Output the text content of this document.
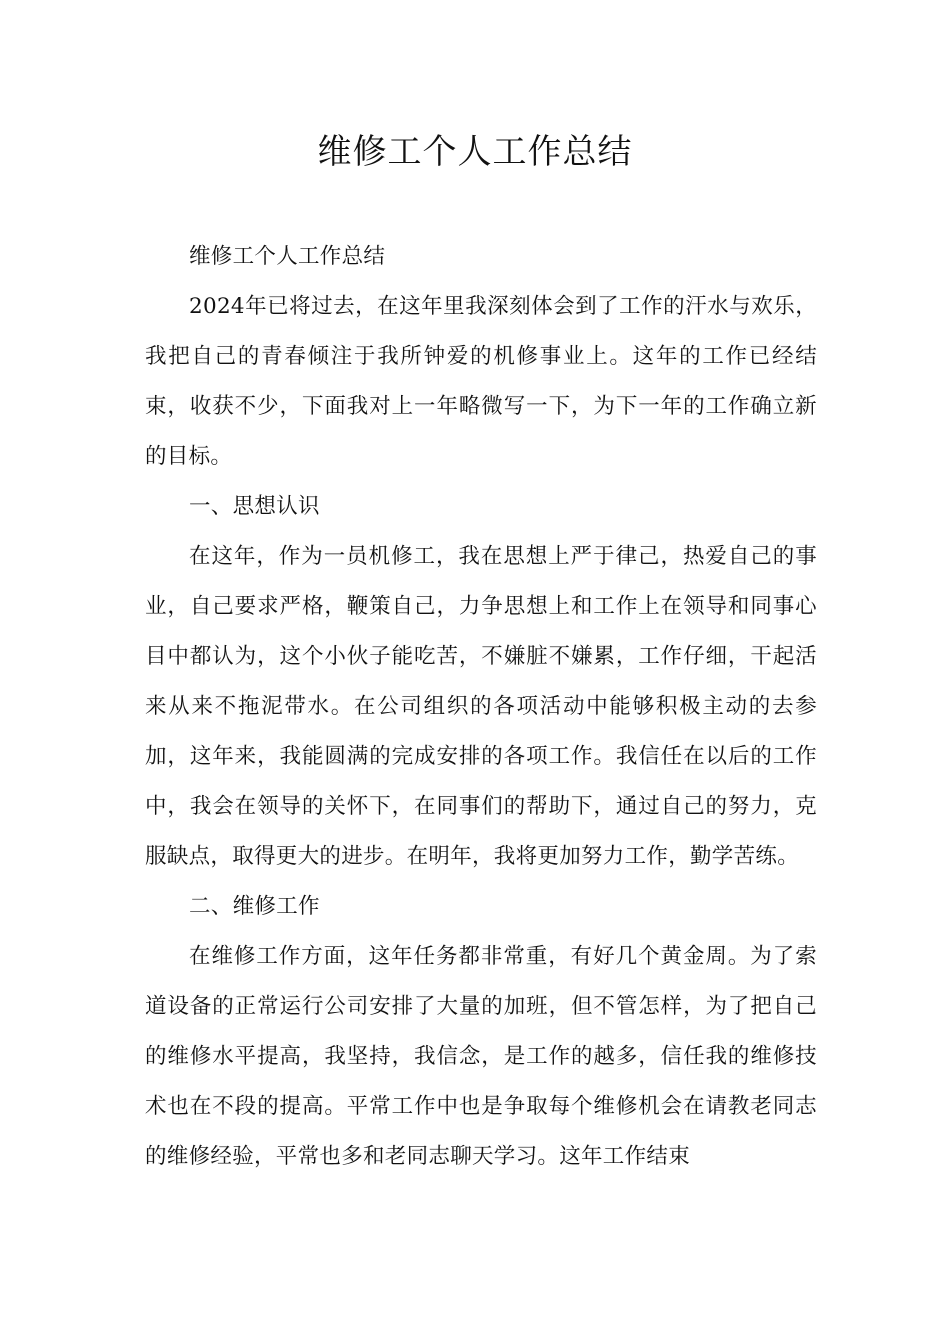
维修工个人工作总结

维修工个人工作总结

2024年已将过去，在这年里我深刻体会到了工作的汗水与欢乐，我把自己的青春倾注于我所钟爱的机修事业上。这年的工作已经结束，收获不少，下面我对上一年略微写一下，为下一年的工作确立新的目标。

一、思想认识

在这年，作为一员机修工，我在思想上严于律己，热爱自己的事业，自己要求严格，鞭策自己，力争思想上和工作上在领导和同事心目中都认为，这个小伙子能吃苦，不嫌脏不嫌累，工作仔细，干起活来从来不拖泥带水。在公司组织的各项活动中能够积极主动的去参加，这年来，我能圆满的完成安排的各项工作。我信任在以后的工作中，我会在领导的关怀下，在同事们的帮助下，通过自己的努力，克服缺点，取得更大的进步。在明年，我将更加努力工作，勤学苦练。

二、维修工作

在维修工作方面，这年任务都非常重，有好几个黄金周。为了索道设备的正常运行公司安排了大量的加班，但不管怎样，为了把自己的维修水平提高，我坚持，我信念，是工作的越多，信任我的维修技术也在不段的提高。平常工作中也是争取每个维修机会在请教老同志的维修经验，平常也多和老同志聊天学习。这年工作结束
